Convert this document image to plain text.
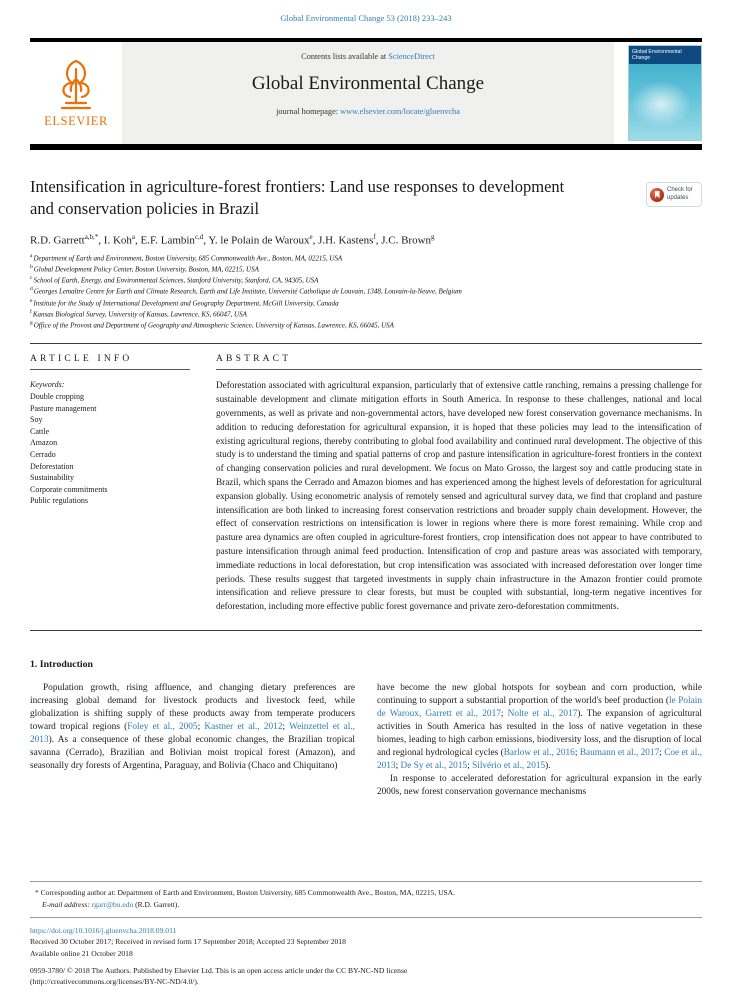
Global Environmental Change 53 (2018) 233–243
ELSEVIER
Contents lists available at ScienceDirect
Global Environmental Change
journal homepage: www.elsevier.com/locate/gloenvcha
Global Environmental Change
Intensification in agriculture-forest frontiers: Land use responses to development and conservation policies in Brazil
Check for updates
R.D. Garrett$^{a,b,*}$, I. Koh$^a$, E.F. Lambin$^{c,d}$, Y. le Polain de Waroux$^e$, J.H. Kastens$^f$, J.C. Brown$^g$
$^a$Department of Earth and Environment, Boston University, 685 Commonwealth Ave., Boston, MA, 02215, USA
$^b$Global Development Policy Center, Boston University, Boston, MA, 02215, USA
$^c$School of Earth, Energy, and Environmental Sciences, Stanford University, Stanford, CA, 94305, USA
$^d$Georges Lemaître Centre for Earth and Climate Research, Earth and Life Institute, Université Catholique de Louvain, 1348, Louvain-la-Neuve, Belgium
$^e$Institute for the Study of International Development and Geography Department, McGill University, Canada
$^f$Kansas Biological Survey, University of Kansas, Lawrence, KS, 66047, USA
$^g$Office of the Provost and Department of Geography and Atmospheric Science, University of Kansas, Lawrence, KS, 66045, USA
ARTICLE INFO
Keywords:
Double cropping
Pasture management
Soy
Cattle
Amazon
Cerrado
Deforestation
Sustainability
Corporate commitments
Public regulations
ABSTRACT
Deforestation associated with agricultural expansion, particularly that of extensive cattle ranching, remains a pressing challenge for sustainable development and climate mitigation efforts in South America. In response to these challenges, national and local governments, as well as private and non-governmental actors, have developed new forest conservation governance mechanisms. In addition to reducing deforestation for agricultural expansion, it is hoped that these policies may lead to the intensification of existing agricultural regions, thereby contributing to global food availability and continued rural development. The objective of this study is to understand the timing and spatial patterns of crop and pasture intensification in agriculture-forest frontiers in the context of changing conservation policies and rural development. We focus on Mato Grosso, the largest soy and cattle producing state in Brazil, which spans the Cerrado and Amazon biomes and has experienced among the highest levels of deforestation for agricultural expansion globally. Using econometric analysis of remotely sensed and agricultural survey data, we find that cropland and pasture intensification are both linked to increasing forest conservation restrictions and broader supply chain development. However, the effect of conservation restrictions on intensification is lower in regions where there is more forest remaining. While crop and pasture area dynamics are often coupled in agriculture-forest frontiers, crop intensification does not appear to have contributed to pasture intensification through animal feed production. Intensification of crop and pasture areas was associated with temporary, immediate reductions in local deforestation, but crop intensification was associated with increased deforestation over longer time periods. These results suggest that targeted investments in supply chain infrastructure in the Amazon frontier could promote intensification and relieve pressure to clear forests, but must be coupled with substantial, long-term negative incentives for deforestation, including more effective public forest governance and private zero-deforestation commitments.
1. Introduction

Population growth, rising affluence, and changing dietary preferences are increasing global demand for livestock products and livestock feed, while globalization is shifting supply of these products away from temperate producers toward tropical regions (Foley et al., 2005; Kastner et al., 2012; Weinzettel et al., 2013). As a consequence of these global economic changes, the Brazilian tropical savanna (Cerrado), Brazilian and Bolivian moist tropical forest (Amazon), and seasonally dry forests of Argentina, Paraguay, and Bolivia (Chaco and Chiquitano)

have become the new global hotspots for soybean and corn production, while continuing to support a substantial proportion of the world's beef production (le Polain de Waroux, Garrett et al., 2017; Nolte et al., 2017). The expansion of agricultural activities in South America has resulted in the loss of native vegetation in these biomes, leading to high carbon emissions, biodiversity loss, and the disruption of local and regional hydrological cycles (Barlow et al., 2016; Baumann et al., 2017; Coe et al., 2013; De Sy et al., 2015; Silvério et al., 2015).

In response to accelerated deforestation for agricultural expansion in the early 2000s, new forest conservation governance mechanisms

* Corresponding author at: Department of Earth and Environment, Boston University, 685 Commonwealth Ave., Boston, MA, 02215, USA.
E-mail address: rgarr@bu.edu (R.D. Garrett).
https://doi.org/10.1016/j.gloenvcha.2018.09.011
Received 30 October 2017; Received in revised form 17 September 2018; Accepted 23 September 2018
Available online 21 October 2018
0959-3780/ © 2018 The Authors. Published by Elsevier Ltd. This is an open access article under the CC BY-NC-ND license
(http://creativecommons.org/licenses/BY-NC-ND/4.0/).
